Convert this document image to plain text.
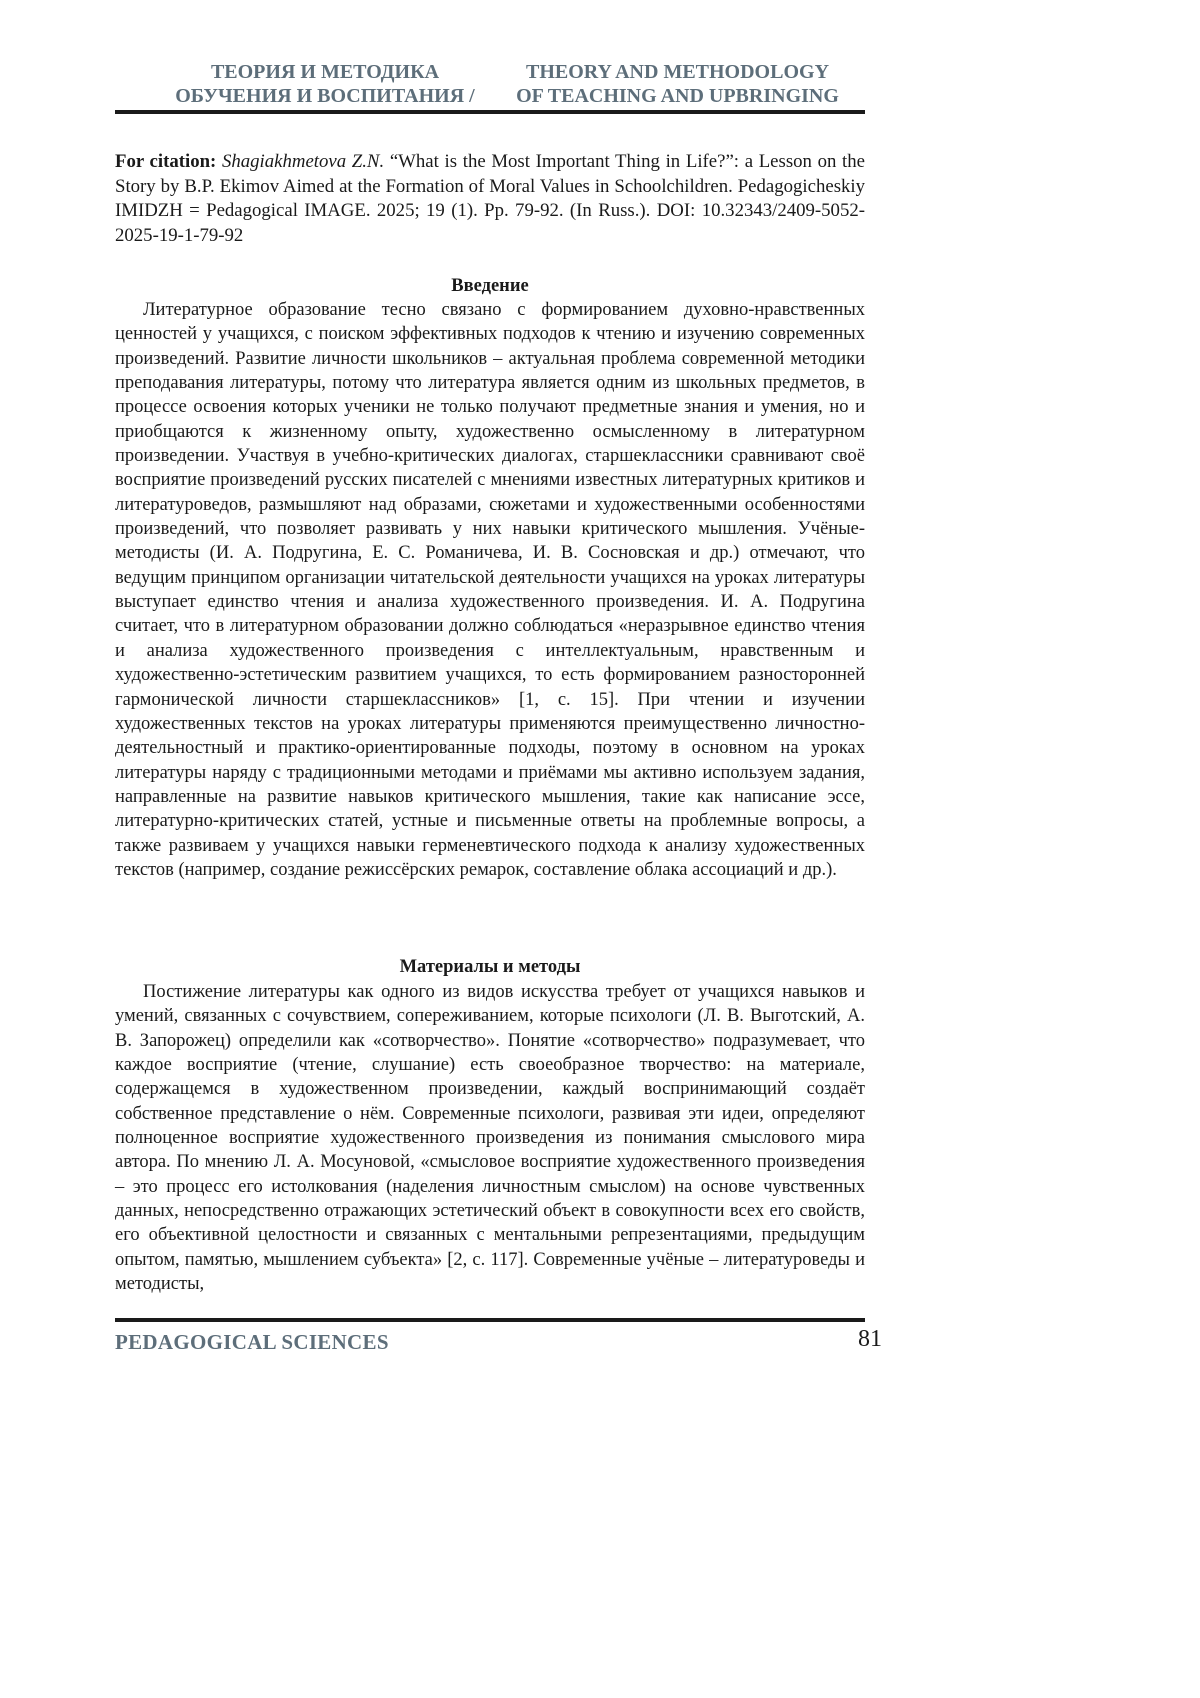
ТЕОРИЯ И МЕТОДИКА
ОБУЧЕНИЯ И ВОСПИТАНИЯ /
THEORY AND METHODOLOGY
OF TEACHING AND UPBRINGING
For citation: Shagiakhmetova Z.N. “What is the Most Important Thing in Life?”: a Lesson on the Story by B.P. Ekimov Aimed at the Formation of Moral Values in Schoolchildren. Pedagogicheskiy IMIDZH = Pedagogical IMAGE. 2025; 19 (1). Pp. 79-92. (In Russ.). DOI: 10.32343/2409-5052-2025-19-1-79-92
Введение
Литературное образование тесно связано с формированием духовно-нравственных ценностей у учащихся, с поиском эффективных подходов к чтению и изучению современных произведений. Развитие личности школьников – актуальная проблема современной методики преподавания литературы, потому что литература является одним из школьных предметов, в процессе освоения которых ученики не только получают предметные знания и умения, но и приобщаются к жизненному опыту, художественно осмысленному в литературном произведении. Участвуя в учебно-критических диалогах, старшеклассники сравнивают своё восприятие произведений русских писателей с мнениями известных литературных критиков и литературоведов, размышляют над образами, сюжетами и художественными особенностями произведений, что позволяет развивать у них навыки критического мышления. Учёные-методисты (И. А. Подругина, Е. С. Романичева, И. В. Сосновская и др.) отмечают, что ведущим принципом организации читательской деятельности учащихся на уроках литературы выступает единство чтения и анализа художественного произведения. И. А. Подругина считает, что в литературном образовании должно соблюдаться «неразрывное единство чтения и анализа художественного произведения с интеллектуальным, нравственным и художественно-эстетическим развитием учащихся, то есть формированием разносторонней гармонической личности старшеклассников» [1, с. 15]. При чтении и изучении художественных текстов на уроках литературы применяются преимущественно личностно-деятельностный и практико-ориентированные подходы, поэтому в основном на уроках литературы наряду с традиционными методами и приёмами мы активно используем задания, направленные на развитие навыков критического мышления, такие как написание эссе, литературно-критических статей, устные и письменные ответы на проблемные вопросы, а также развиваем у учащихся навыки герменевтического подхода к анализу художественных текстов (например, создание режиссёрских ремарок, составление облака ассоциаций и др.).
Материалы и методы
Постижение литературы как одного из видов искусства требует от учащихся навыков и умений, связанных с сочувствием, сопереживанием, которые психологи (Л. В. Выготский, А. В. Запорожец) определили как «сотворчество». Понятие «сотворчество» подразумевает, что каждое восприятие (чтение, слушание) есть своеобразное творчество: на материале, содержащемся в художественном произведении, каждый воспринимающий создаёт собственное представление о нём. Современные психологи, развивая эти идеи, определяют полноценное восприятие художественного произведения из понимания смыслового мира автора. По мнению Л. А. Мосуновой, «смысловое восприятие художественного произведения – это процесс его истолкования (наделения личностным смыслом) на основе чувственных данных, непосредственно отражающих эстетический объект в совокупности всех его свойств, его объективной целостности и связанных с ментальными репрезентациями, предыдущим опытом, памятью, мышлением субъекта» [2, с. 117]. Современные учёные – литературоведы и методисты,
PEDAGOGICAL SCIENCES	81
